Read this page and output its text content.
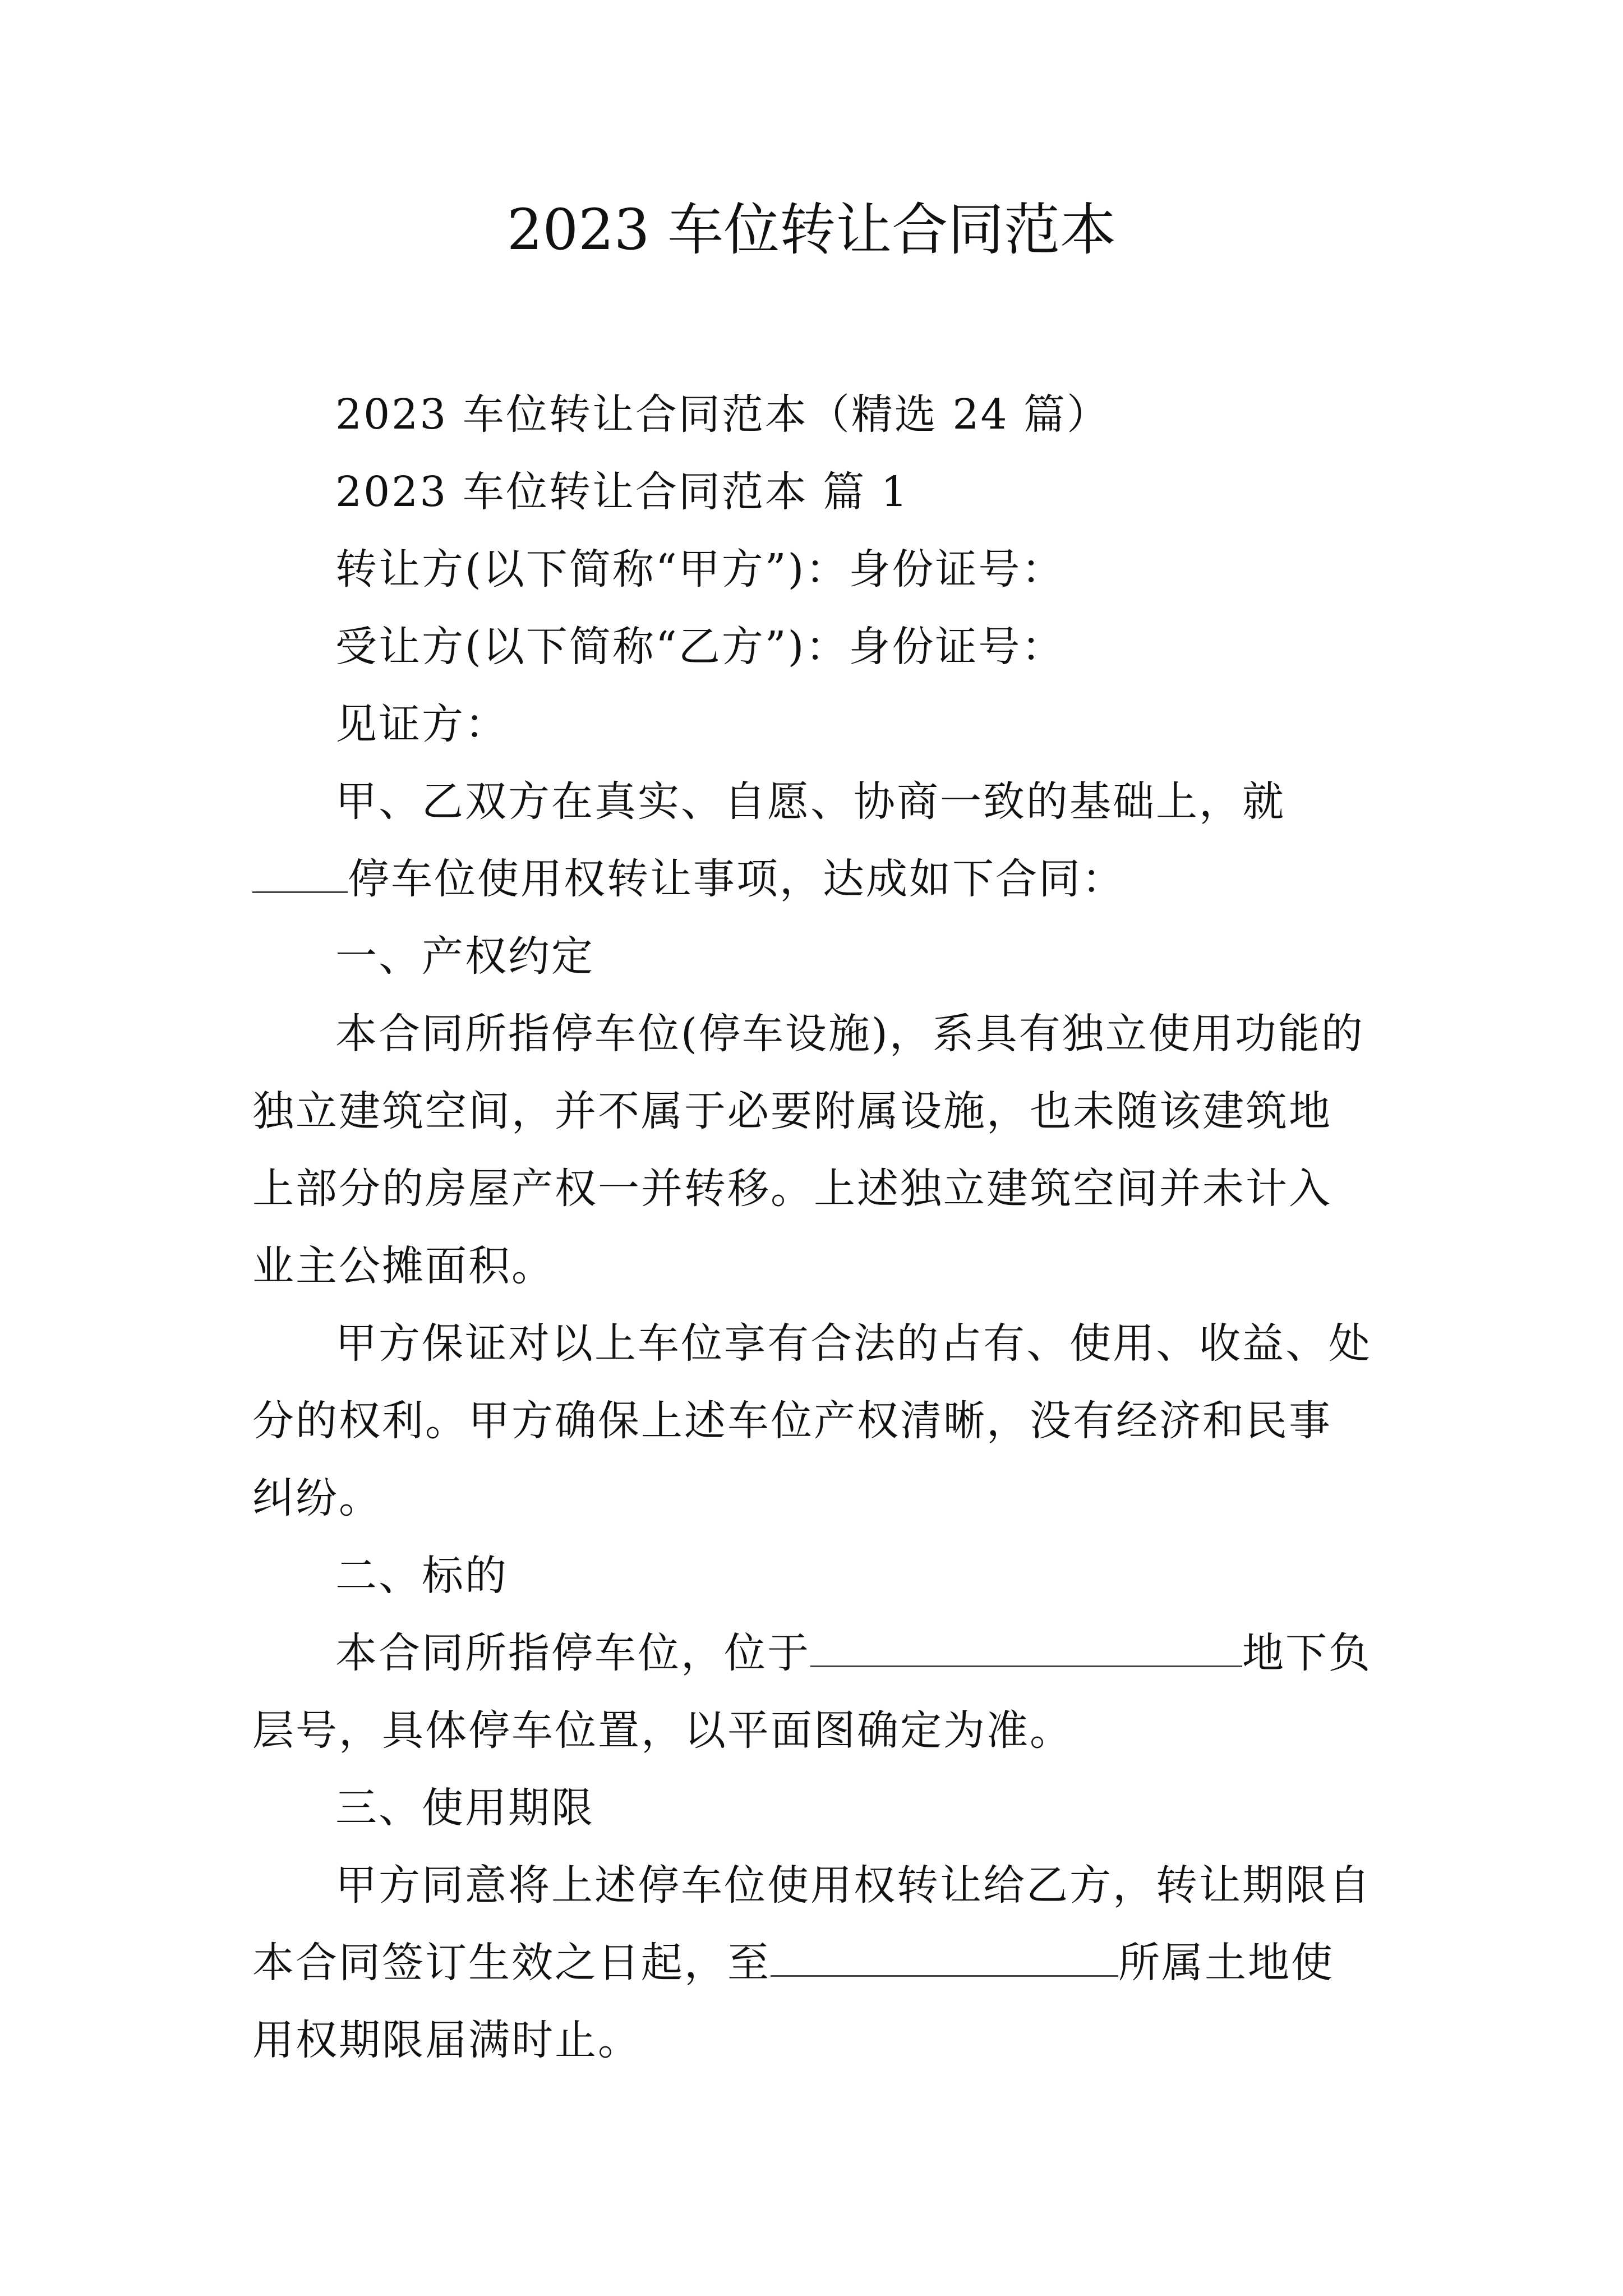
2023 车位转让合同范本

2023 车位转让合同范本（精选 24 篇）

2023 车位转让合同范本 篇 1

转让方(以下简称“甲方”)：身份证号：

受让方(以下简称“乙方”)：身份证号：

见证方：

甲、乙双方在真实、自愿、协商一致的基础上，就停车位使用权转让事项，达成如下合同：

一、产权约定

本合同所指停车位(停车设施)，系具有独立使用功能的独立建筑空间，并不属于必要附属设施，也未随该建筑地上部分的房屋产权一并转移。上述独立建筑空间并未计入业主公摊面积。

甲方保证对以上车位享有合法的占有、使用、收益、处分的权利。甲方确保上述车位产权清晰，没有经济和民事纠纷。

二、标的

本合同所指停车位，位于	地下负层号，具体停车位置，以平面图确定为准。

三、使用期限

甲方同意将上述停车位使用权转让给乙方，转让期限自本合同签订生效之日起，至	所属土地使用权期限届满时止。
